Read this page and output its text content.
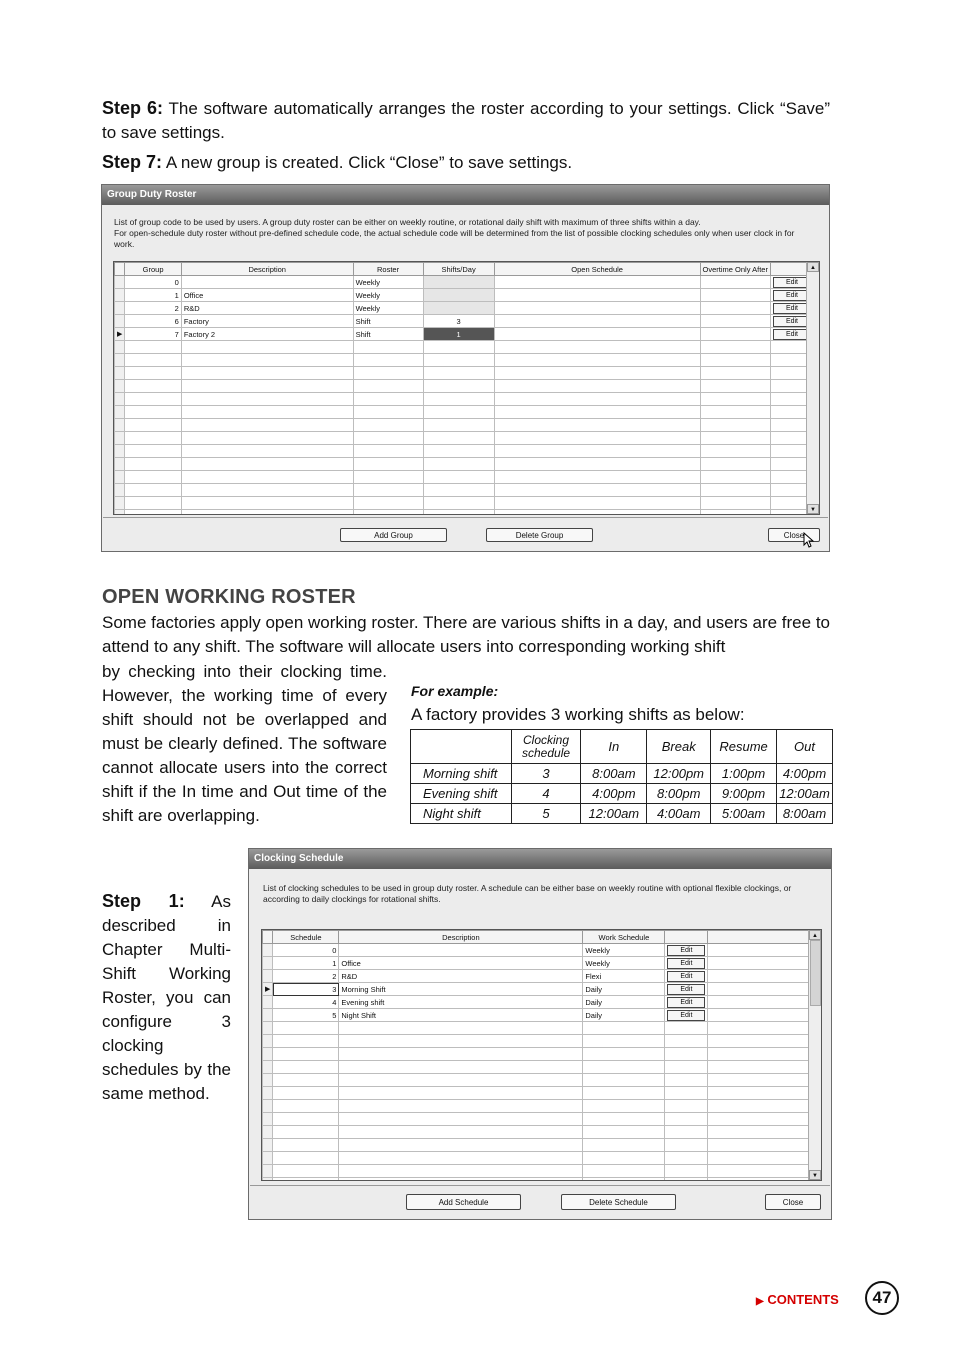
Step 6: The software automatically arranges the roster according to your settings. Click “Save” to save settings.
Step 7: A new group is created. Click “Close” to save settings.
Group Duty Roster
List of group code to be used by users. A group duty roster can be either on weekly routine, or rotational daily shift with maximum of three shifts within a day.
For open-schedule duty roster without pre-defined schedule code, the actual schedule code will be determined from the list of possible clocking schedules only when user clock in for work.
	Group	Description	Roster	Shifts/Day	Open Schedule	Overtime Only After		
	0		Weekly				Edit	

	1	Office	Weekly				Edit	

	2	R&D	Weekly				Edit	

	6	Factory	Shift	3			Edit	

▶	7	Factory 2	Shift	1			Edit	

▲
▼
Add Group	Delete Group	Close
OPEN WORKING ROSTER
Some factories apply open working roster. There are various shifts in a day, and users are free to attend to any shift. The software will allocate users into corresponding working shift
by checking into their clocking time. However, the working time of every shift should not be overlapped and must be clearly defined. The software cannot allocate users into the correct shift if the In time and Out time of the shift are overlapping.
For example:
A factory provides 3 working shifts as below:
	Clocking schedule	In	Break	Resume	Out
Morning shift	3	8:00am	12:00pm	1:00pm	4:00pm
Evening shift	4	4:00pm	8:00pm	9:00pm	12:00am
Night shift	5	12:00am	4:00am	5:00am	8:00am
Step 1: As described in Chapter Multi-Shift Working Roster, you can configure 3 clocking schedules by the same method.
Clocking Schedule
List of clocking schedules to be used in group duty roster. A schedule can be either base on weekly routine with optional flexible clockings, or according to daily clockings for rotational shifts.
	Schedule	Description	Work Schedule		
	0		Weekly	Edit	

	1	Office	Weekly	Edit	

	2	R&D	Flexi	Edit	

▶	3	Morning Shift	Daily	Edit	

	4	Evening shift	Daily	Edit	

	5	Night Shift	Daily	Edit	

▲
▼
Add Schedule	Delete Schedule	Close
▶ CONTENTS	47
